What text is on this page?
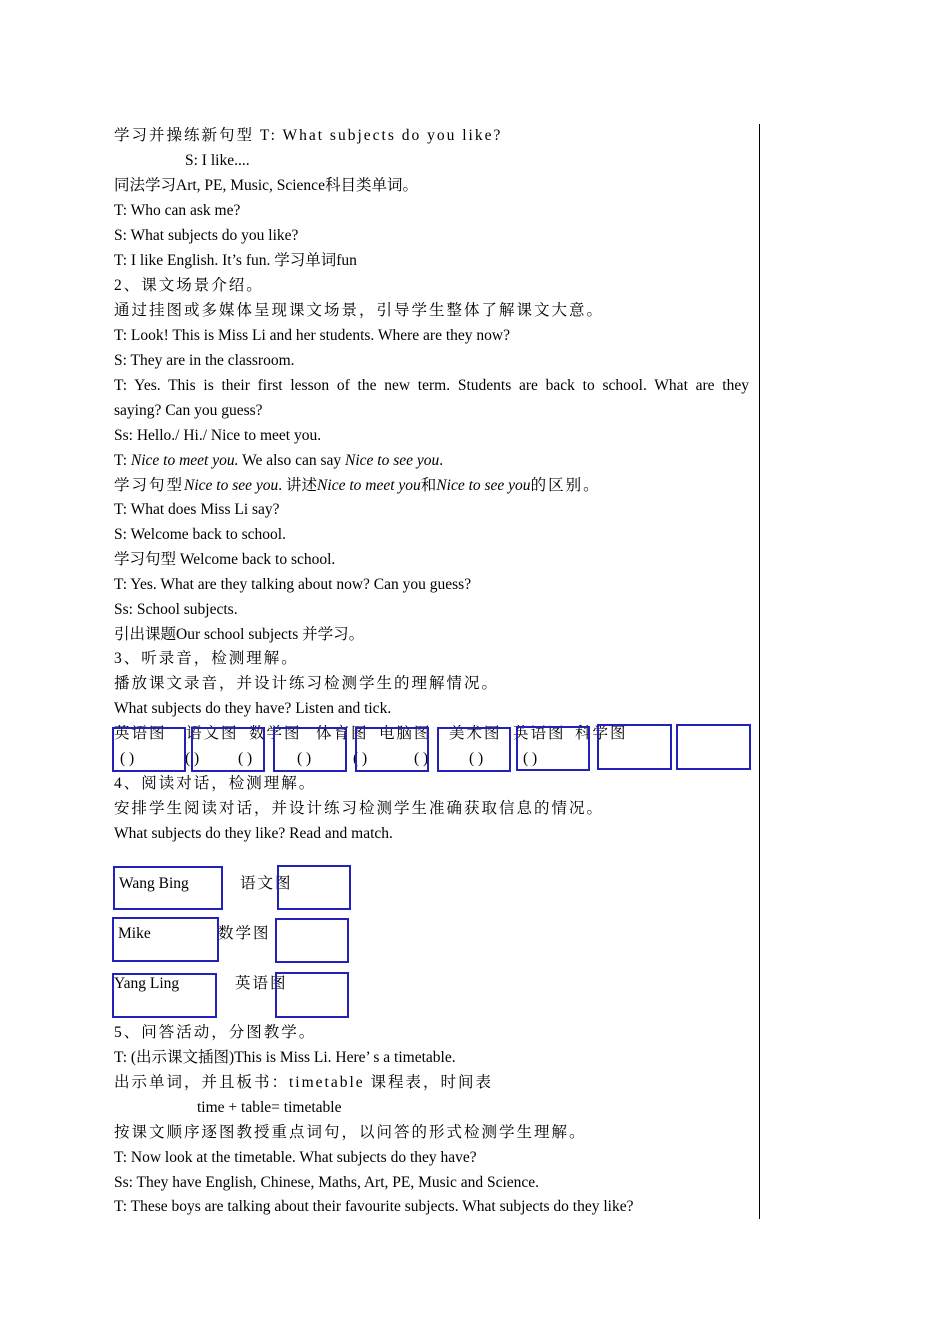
学习并操练新句型 T: What subjects do you like?
S: I like....
同法学习Art, PE, Music, Science科目类单词。
T: Who can ask me?
S: What subjects do you like?
T: I like English. It’s fun. 学习单词fun
2、课文场景介绍。
通过挂图或多媒体呈现课文场景，引导学生整体了解课文大意。
T: Look! This is Miss Li and her students. Where are they now?
S: They are in the classroom.
T: Yes. This is their first lesson of the new term. Students are back to school. What are they
saying? Can you guess?
Ss: Hello./ Hi./ Nice to meet you.
T: Nice to meet you. We also can say Nice to see you.
学习句型Nice to see you. 讲述Nice to meet you和Nice to see you的区别。
T: What does Miss Li say?
S: Welcome back to school.
学习句型 Welcome back to school.
T: Yes. What are they talking about now? Can you guess?
Ss: School subjects.
引出课题Our school subjects 并学习。
3、听录音，检测理解。
播放课文录音，并设计练习检测学生的理解情况。
What subjects do they have? Listen and tick.
英语图 语文图 数学图 体育图 电脑图 美术图 英语图 科学图
( )	( )	( )	( )	( )	( )	( )	( )
4、阅读对话，检测理解。
安排学生阅读对话，并设计练习检测学生准确获取信息的情况。
What subjects do they like? Read and match.
Wang Bing	语文图
Mike	数学图
Yang Ling	英语图
5、问答活动，分图教学。
T: (出示课文插图)This is Miss Li. Here’ s a timetable.
出示单词，并且板书：timetable 课程表，时间表
time + table= timetable
按课文顺序逐图教授重点词句，以问答的形式检测学生理解。
T: Now look at the timetable. What subjects do they have?
Ss: They have English, Chinese, Maths, Art, PE, Music and Science.
T: These boys are talking about their favourite subjects. What subjects do they like?
